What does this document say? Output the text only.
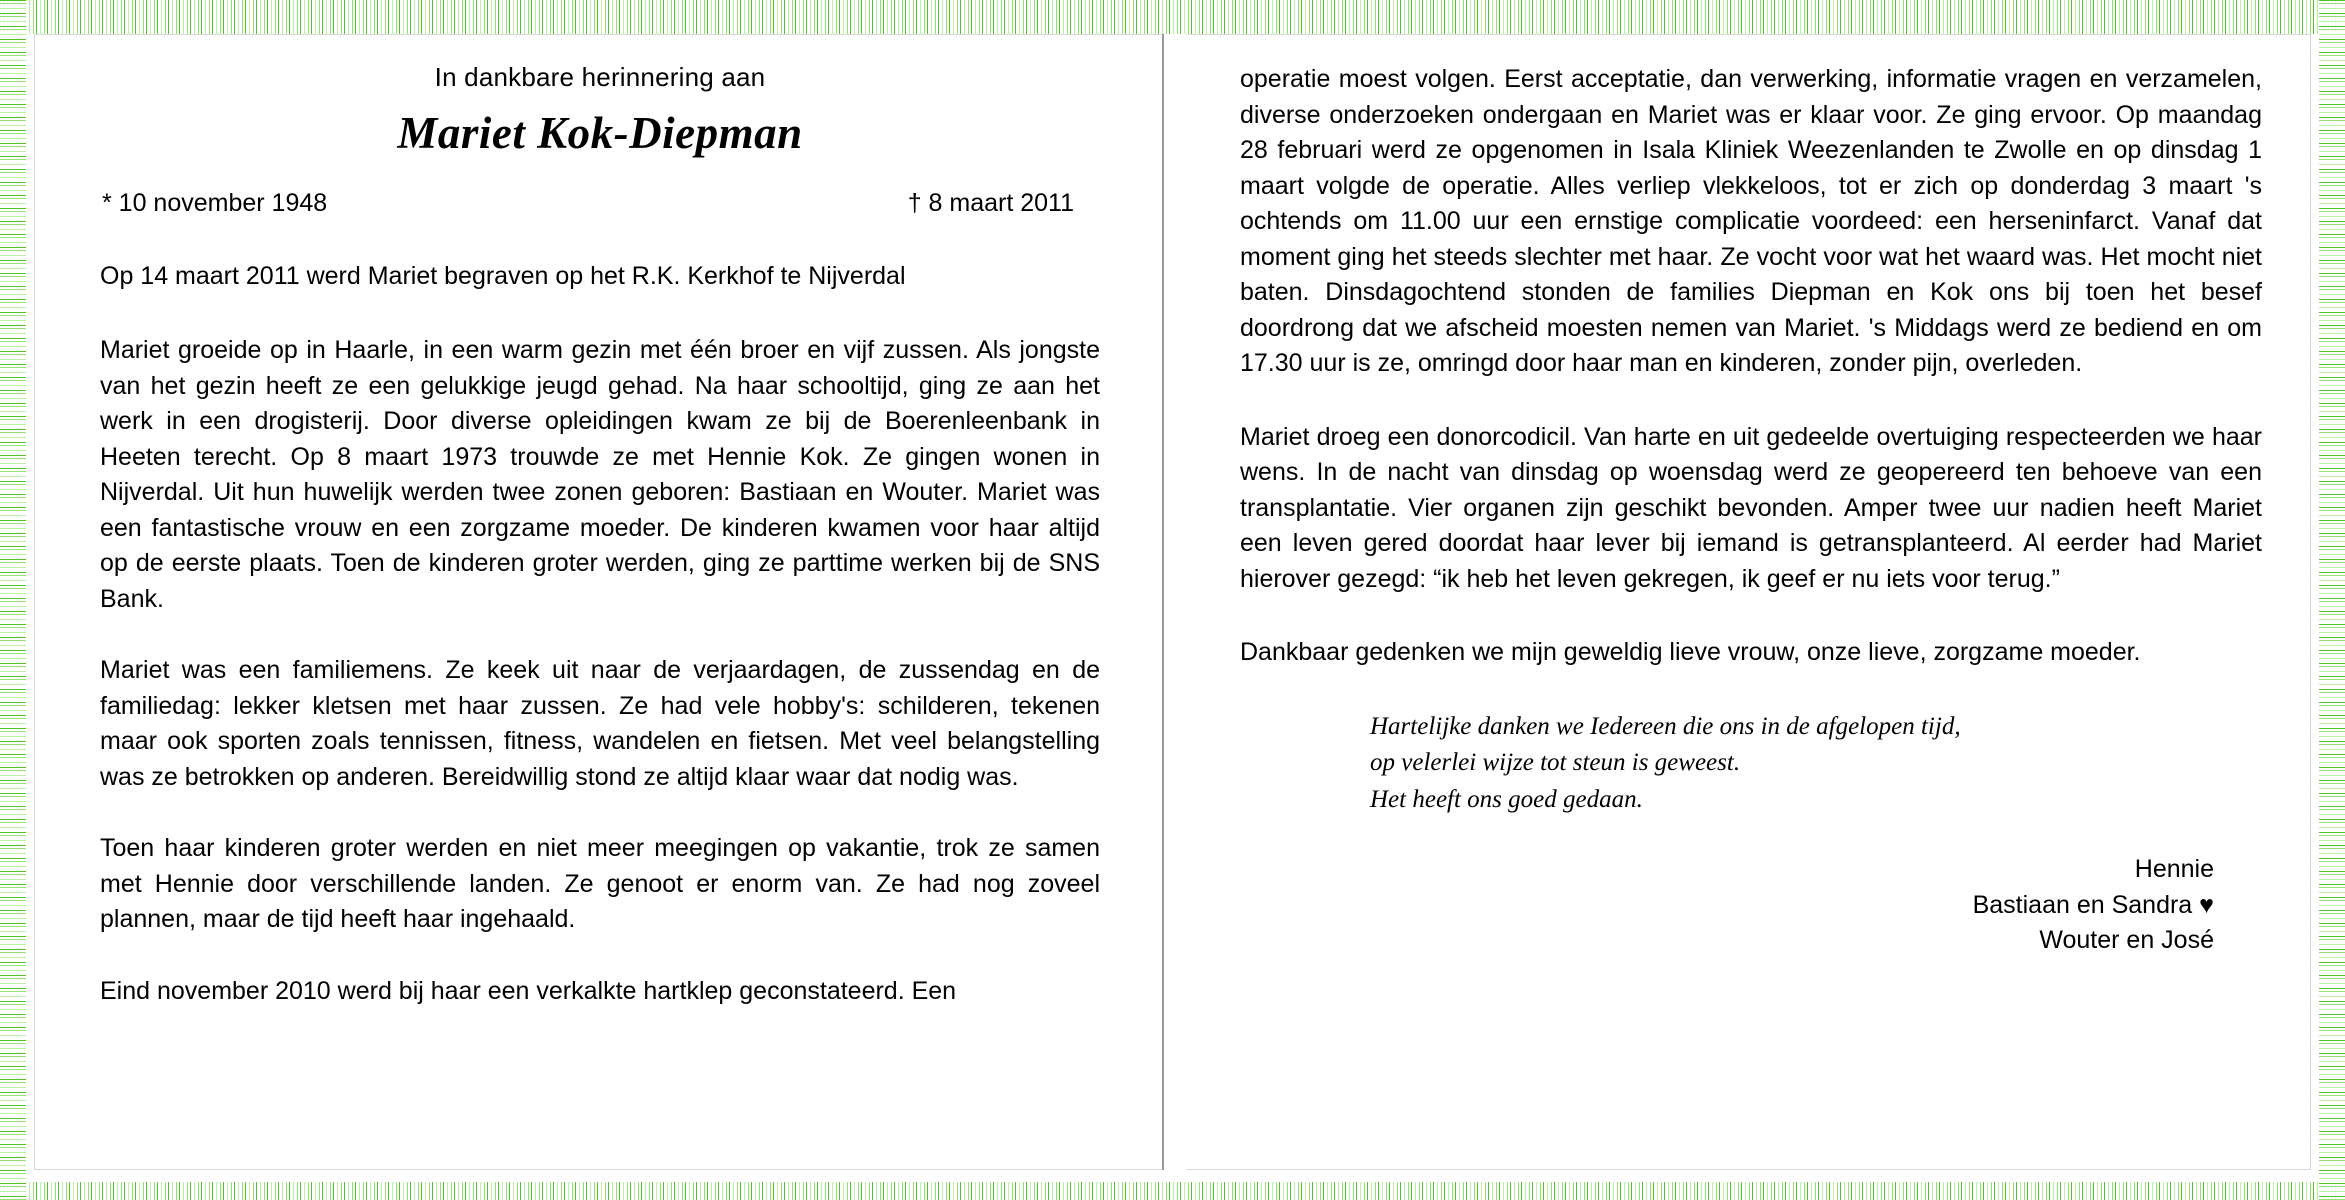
In dankbare herinnering aan

Mariet Kok-Diepman
* 10 november 1948	† 8 maart 2011

Op 14 maart 2011 werd Mariet begraven op het R.K. Kerkhof te Nijverdal

Mariet groeide op in Haarle, in een warm gezin met één broer en vijf zussen. Als jongste van het gezin heeft ze een gelukkige jeugd gehad. Na haar schooltijd, ging ze aan het werk in een drogisterij. Door diverse opleidingen kwam ze bij de Boerenleenbank in Heeten terecht. Op 8 maart 1973 trouwde ze met Hennie Kok. Ze gingen wonen in Nijverdal. Uit hun huwelijk werden twee zonen geboren: Bastiaan en Wouter. Mariet was een fantastische vrouw en een zorgzame moeder. De kinderen kwamen voor haar altijd op de eerste plaats. Toen de kinderen groter werden, ging ze parttime werken bij de SNS Bank.

Mariet was een familiemens. Ze keek uit naar de verjaardagen, de zussendag en de familiedag: lekker kletsen met haar zussen. Ze had vele hobby's: schilderen, tekenen maar ook sporten zoals tennissen, fitness, wandelen en fietsen. Met veel belangstelling was ze betrokken op anderen. Bereidwillig stond ze altijd klaar waar dat nodig was.

Toen haar kinderen groter werden en niet meer meegingen op vakantie, trok ze samen met Hennie door verschillende landen. Ze genoot er enorm van. Ze had nog zoveel plannen, maar de tijd heeft haar ingehaald.

Eind november 2010 werd bij haar een verkalkte hartklep geconstateerd. Een

operatie moest volgen. Eerst acceptatie, dan verwerking, informatie vragen en verzamelen, diverse onderzoeken ondergaan en Mariet was er klaar voor. Ze ging ervoor. Op maandag 28 februari werd ze opgenomen in Isala Kliniek Weezenlanden te Zwolle en op dinsdag 1 maart volgde de operatie. Alles verliep vlekkeloos, tot er zich op donderdag 3 maart 's ochtends om 11.00 uur een ernstige complicatie voordeed: een herseninfarct. Vanaf dat moment ging het steeds slechter met haar. Ze vocht voor wat het waard was. Het mocht niet baten. Dinsdagochtend stonden de families Diepman en Kok ons bij toen het besef doordrong dat we afscheid moesten nemen van Mariet. 's Middags werd ze bediend en om 17.30 uur is ze, omringd door haar man en kinderen, zonder pijn, overleden.

Mariet droeg een donorcodicil. Van harte en uit gedeelde overtuiging respecteerden we haar wens. In de nacht van dinsdag op woensdag werd ze geopereerd ten behoeve van een transplantatie. Vier organen zijn geschikt bevonden. Amper twee uur nadien heeft Mariet een leven gered doordat haar lever bij iemand is getransplanteerd. Al eerder had Mariet hierover gezegd: “ik heb het leven gekregen, ik geef er nu iets voor terug.”

Dankbaar gedenken we mijn geweldig lieve vrouw, onze lieve, zorgzame moeder.

Hartelijke danken we Iedereen die ons in de afgelopen tijd,
op velerlei wijze tot steun is geweest.
Het heeft ons goed gedaan.
Hennie
Bastiaan en Sandra ♥
Wouter en José
